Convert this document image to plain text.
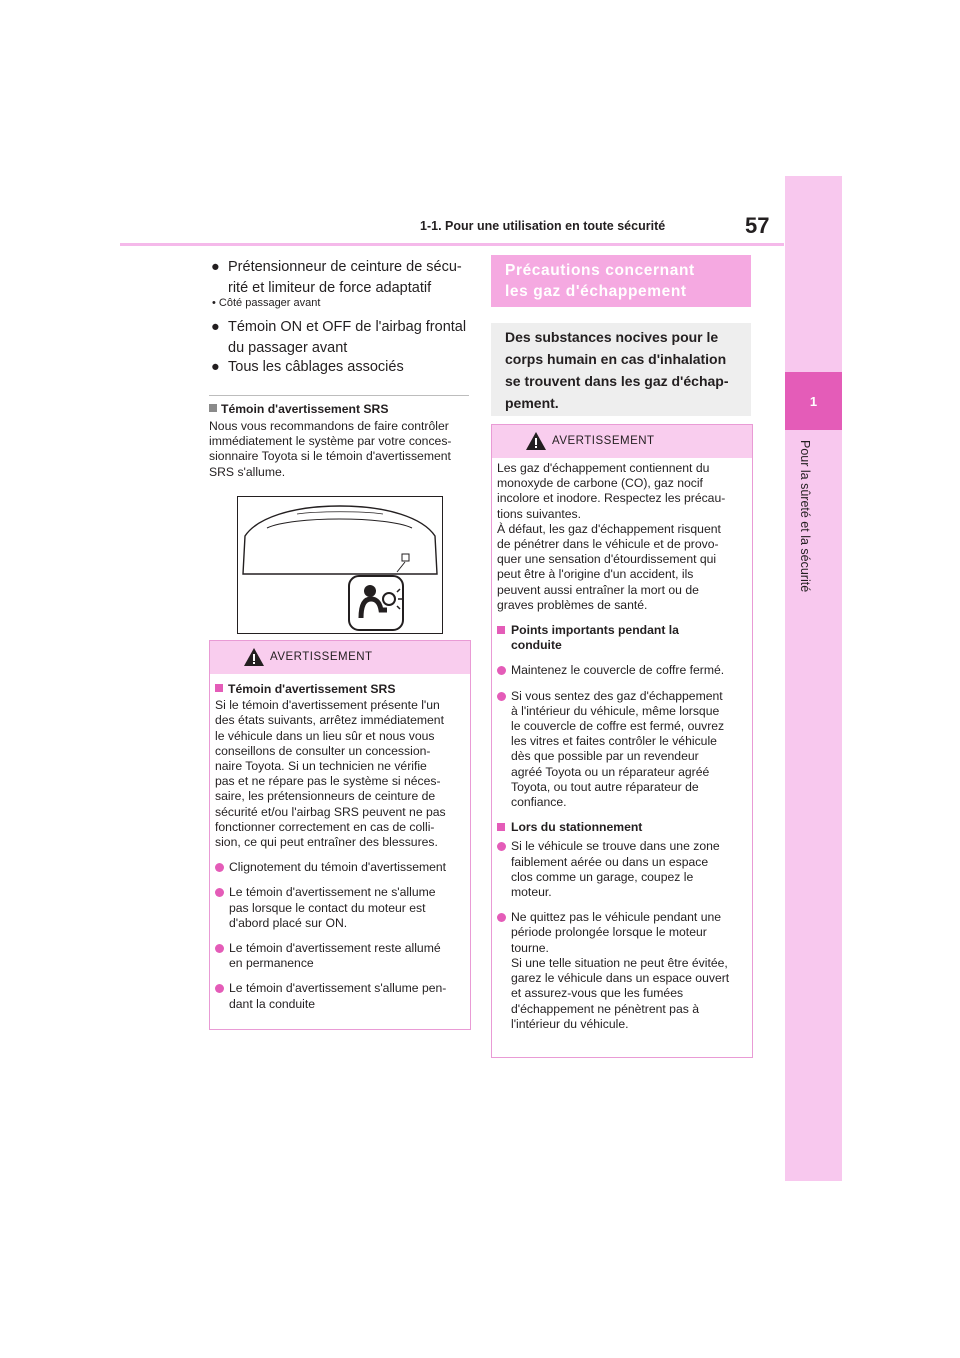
1-1. Pour une utilisation en toute sécurité	57
1
Pour la sûreté et la sécurité
● Prétensionneur de ceinture de sécu-
rité et limiteur de force adaptatif
• Côté passager avant
● Témoin ON et OFF de l'airbag frontal
du passager avant
● Tous les câblages associés
Témoin d'avertissement SRS
Nous vous recommandons de faire contrôler
immédiatement le système par votre conces-
sionnaire Toyota si le témoin d'avertissement
SRS s'allume.
AVERTISSEMENT
Témoin d'avertissement SRS
Si le témoin d'avertissement présente l'un
des états suivants, arrêtez immédiatement
le véhicule dans un lieu sûr et nous vous
conseillons de consulter un concession-
naire Toyota. Si un technicien ne vérifie
pas et ne répare pas le système si néces-
saire, les prétensionneurs de ceinture de
sécurité et/ou l'airbag SRS peuvent ne pas
fonctionner correctement en cas de colli-
sion, ce qui peut entraîner des blessures.
Clignotement du témoin d'avertissement
Le témoin d'avertissement ne s'allume
pas lorsque le contact du moteur est
d'abord placé sur ON.
Le témoin d'avertissement reste allumé
en permanence
Le témoin d'avertissement s'allume pen-
dant la conduite
Précautions concernant
les gaz d'échappement
Des substances nocives pour le
corps humain en cas d'inhalation
se trouvent dans les gaz d'échap-
pement.
AVERTISSEMENT
Les gaz d'échappement contiennent du
monoxyde de carbone (CO), gaz nocif
incolore et inodore. Respectez les précau-
tions suivantes.
À défaut, les gaz d'échappement risquent
de pénétrer dans le véhicule et de provo-
quer une sensation d'étourdissement qui
peut être à l'origine d'un accident, ils
peuvent aussi entraîner la mort ou de
graves problèmes de santé.
Points importants pendant la
conduite
Maintenez le couvercle de coffre fermé.
Si vous sentez des gaz d'échappement
à l'intérieur du véhicule, même lorsque
le couvercle de coffre est fermé, ouvrez
les vitres et faites contrôler le véhicule
dès que possible par un revendeur
agréé Toyota ou un réparateur agréé
Toyota, ou tout autre réparateur de
confiance.
Lors du stationnement
Si le véhicule se trouve dans une zone
faiblement aérée ou dans un espace
clos comme un garage, coupez le
moteur.
Ne quittez pas le véhicule pendant une
période prolongée lorsque le moteur
tourne.
Si une telle situation ne peut être évitée,
garez le véhicule dans un espace ouvert
et assurez-vous que les fumées
d'échappement ne pénètrent pas à
l'intérieur du véhicule.
